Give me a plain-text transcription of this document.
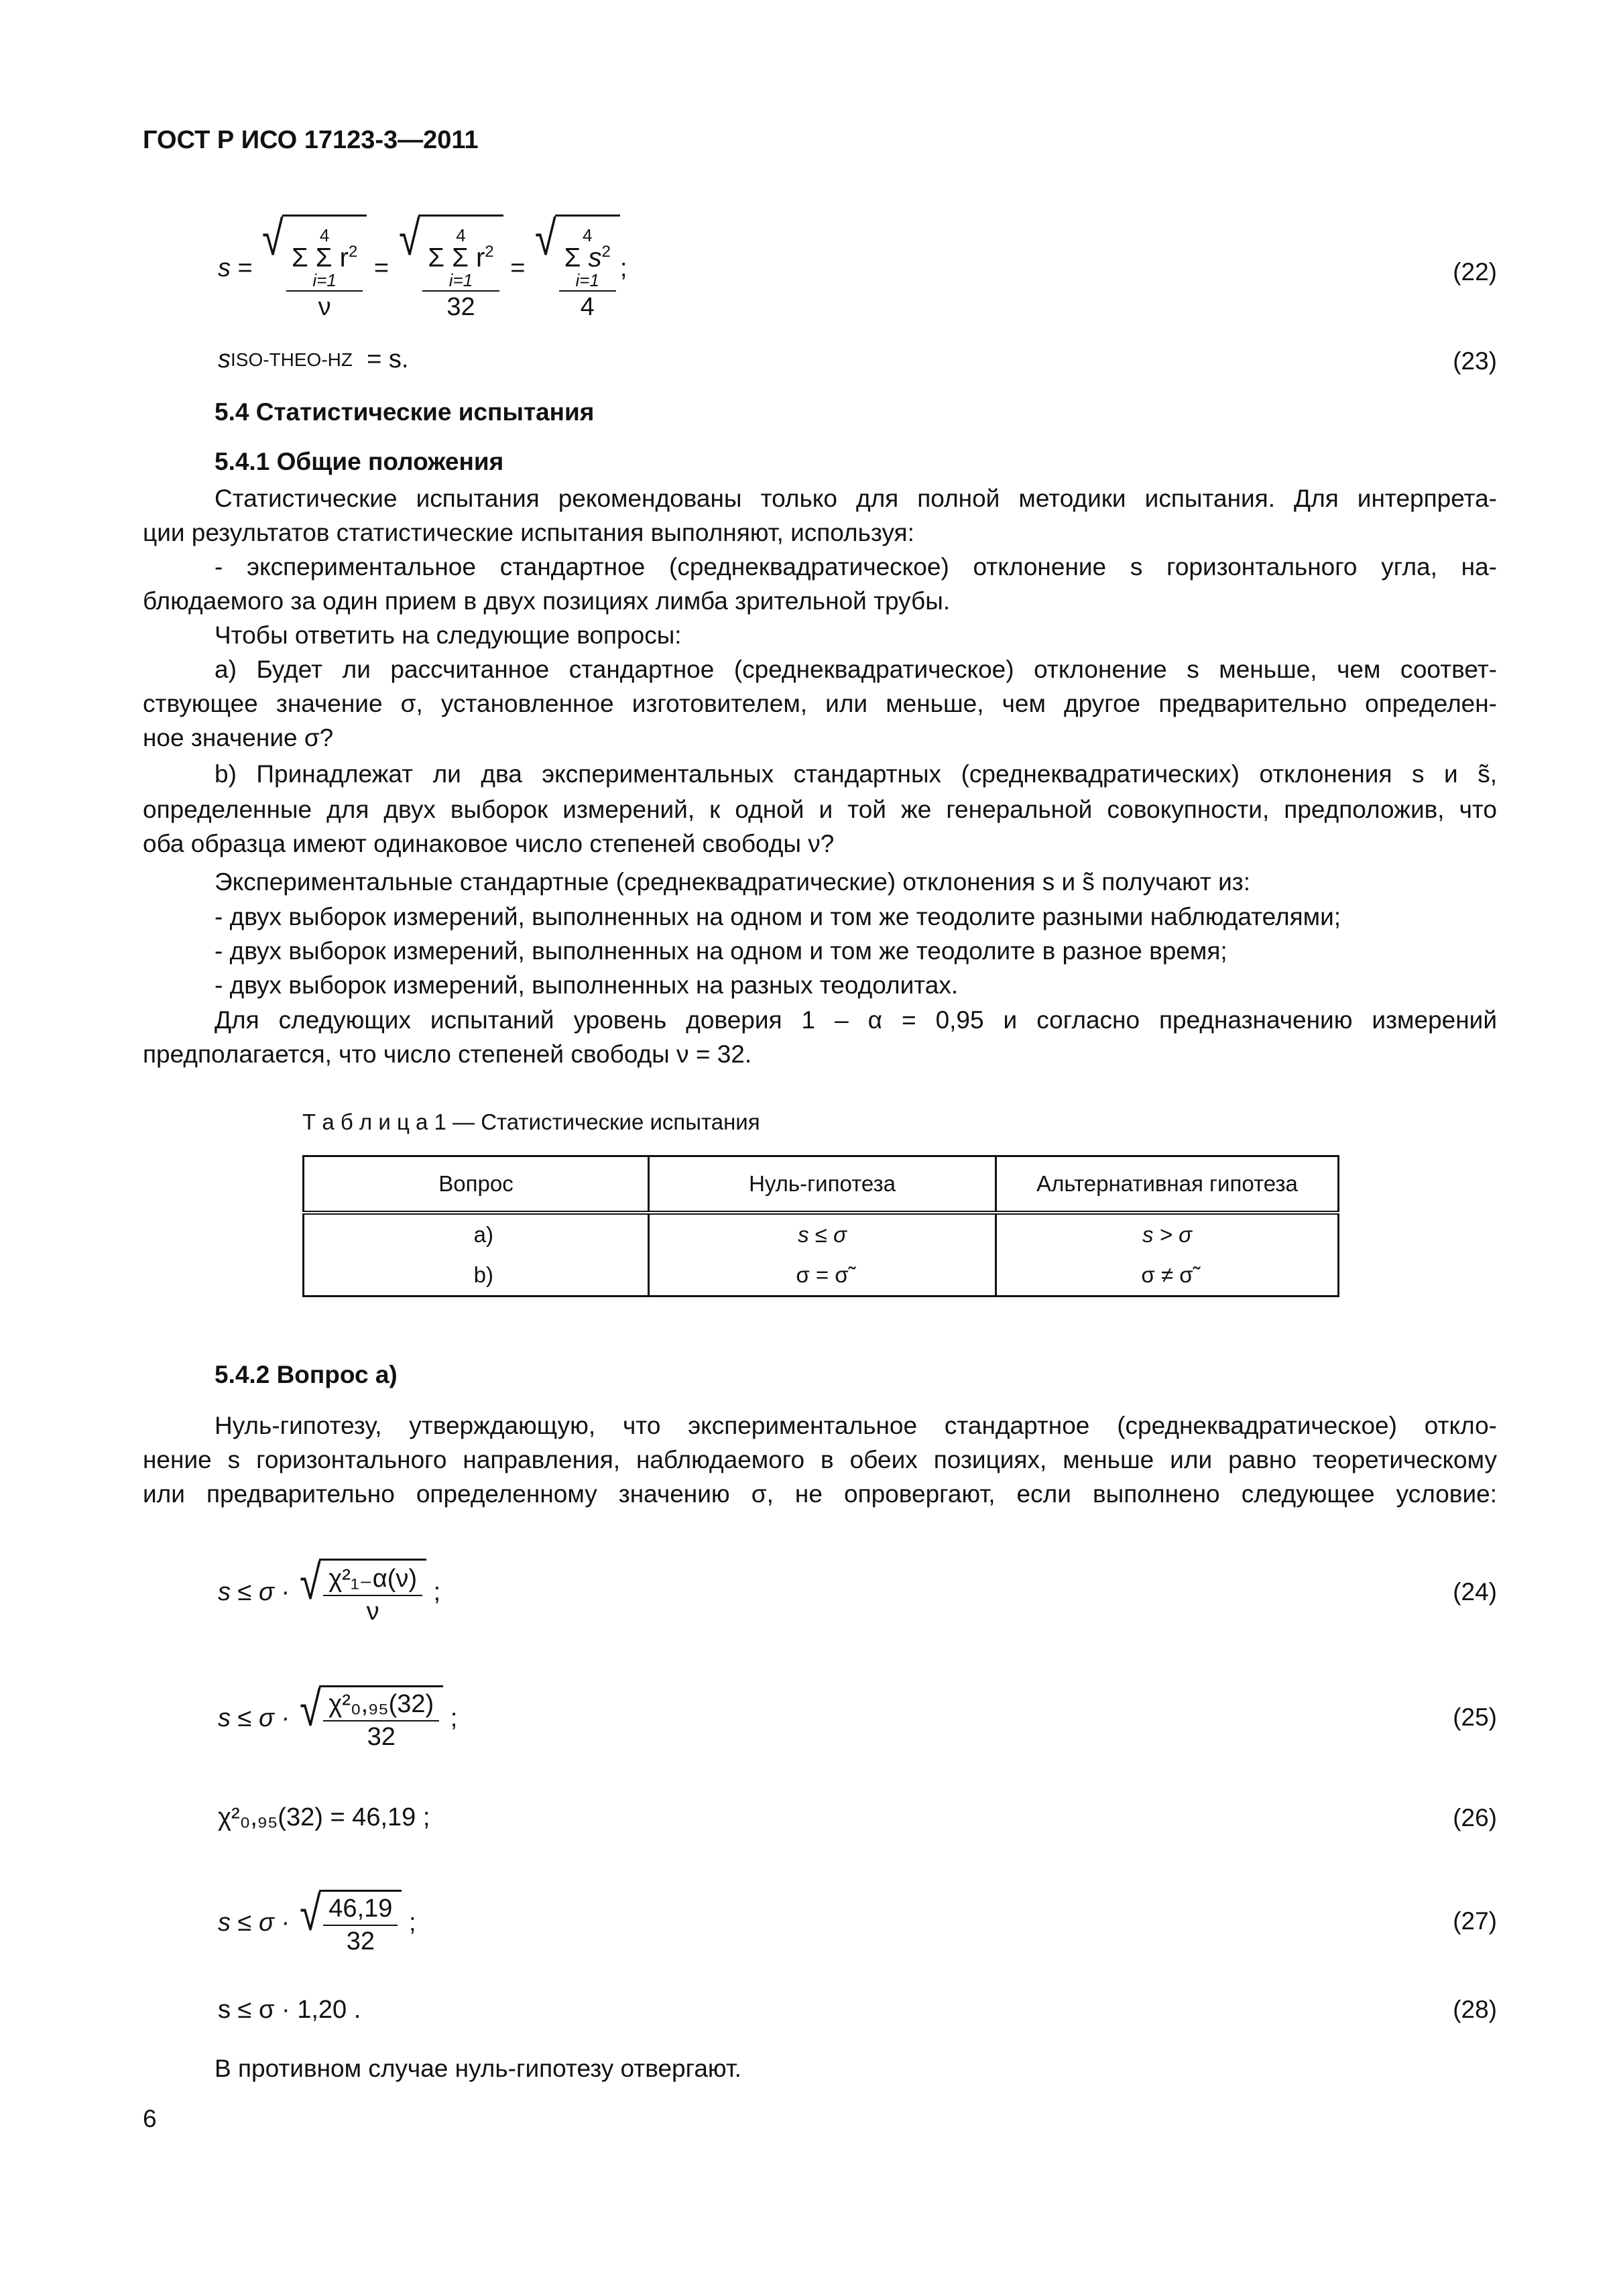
ГОСТ Р ИСО 17123-3—2011
s =
√ 4
Σ Σ $r^2$
i=1
ν =
√ 4
Σ Σ $r^2$
i=1
32 =
√ 4
Σ $s^2$
i=1
4 ;	(22)
s ISO-THEO-HZ
= s.	(23)
5.4 Статистические испытания
5.4.1 Общие положения
Статистические испытания рекомендованы только для полной методики испытания. Для интерпрета-
ции результатов статистические испытания выполняют, используя:
- экспериментальное стандартное (среднеквадратическое) отклонение s горизонтального угла, на-
блюдаемого за один прием в двух позициях лимба зрительной трубы.
Чтобы ответить на следующие вопросы:
а) Будет ли рассчитанное стандартное (среднеквадратическое) отклонение s меньше, чем соответ-
ствующее значение σ, установленное изготовителем, или меньше, чем другое предварительно определен-
ное значение σ?
b) Принадлежат ли два экспериментальных стандартных (среднеквадратических) отклонения s и s̃,
определенные для двух выборок измерений, к одной и той же генеральной совокупности, предположив, что
оба образца имеют одинаковое число степеней свободы ν?
Экспериментальные стандартные (среднеквадратические) отклонения s и s̃ получают из:
- двух выборок измерений, выполненных на одном и том же теодолите разными наблюдателями;
- двух выборок измерений, выполненных на одном и том же теодолите в разное время;
- двух выборок измерений, выполненных на разных теодолитах.
Для следующих испытаний уровень доверия 1 – α = 0,95 и согласно предназначению измерений
предполагается, что число степеней свободы ν = 32.
Т а б л и ц а 1 — Статистические испытания
Вопрос	Нуль-гипотеза	Альтернативная гипотеза
а)	s ≤ σ	s > σ
b)	σ = σ̃	σ ≠ σ̃
5.4.2 Вопрос а)
Нуль-гипотезу, утверждающую, что экспериментальное стандартное (среднеквадратическое) откло-
нение s горизонтального направления, наблюдаемого в обеих позициях, меньше или равно теоретическому
или предварительно определенному значению σ, не опровергают, если выполнено следующее условие:
s ≤ σ ·
√ $\frac{\text{χ²₁₋α(ν)}}{\nu}$
;	(24)
s ≤ σ ·
√ $\frac{\text{χ²₀,₉₅(32)}}{32}$
;	(25)
χ²₀,₉₅(32) = 46,19 ;	(26)
s ≤ σ ·
√ $\frac{46,19}{32}$
;	(27)
s ≤ σ · 1,20 .	(28)
В противном случае нуль-гипотезу отвергают.
6
